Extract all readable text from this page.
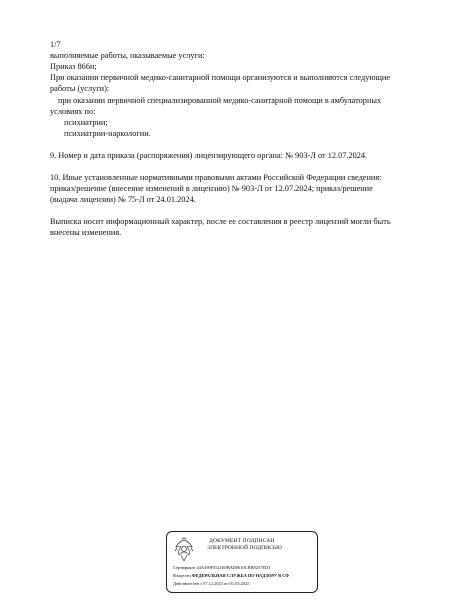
1/7
выполняемые работы, оказываемые услуги:
Приказ 866н;
При оказании первичной медико-санитарной помощи организуются и выполняются следующие
работы (услуги):
при оказании первичной специализированной медико-санитарной помощи в амбулаторных
условиях по:
психиатрии;
психиатрии-наркологии.
9. Номер и дата приказа (распоряжения) лицензирующего органа: № 903-Л от 12.07.2024.
10. Иные установленные нормативными правовыми актами Российской Федерации сведения:
приказ/решение (внесение изменений в лицензию) № 903-Л от 12.07.2024; приказ/решение
(выдача лицензии) № 75-Л от 24.01.2024.
Выписка носит информационный характер, после ее составления в реестр лицензий могли быть
внесены изменения.
ДОКУМЕНТ ПОДПИСАН
ЭЛЕКТРОННОЙ ПОДПИСЬЮ
Сертификат 44A369F5521E0BAD8610CBB8257ED3
Владелец ФЕДЕРАЛЬНАЯ СЛУЖБА ПО НАДЗОРУ В СФ
Действителен с 07.12.2023 по 01.03.2025
